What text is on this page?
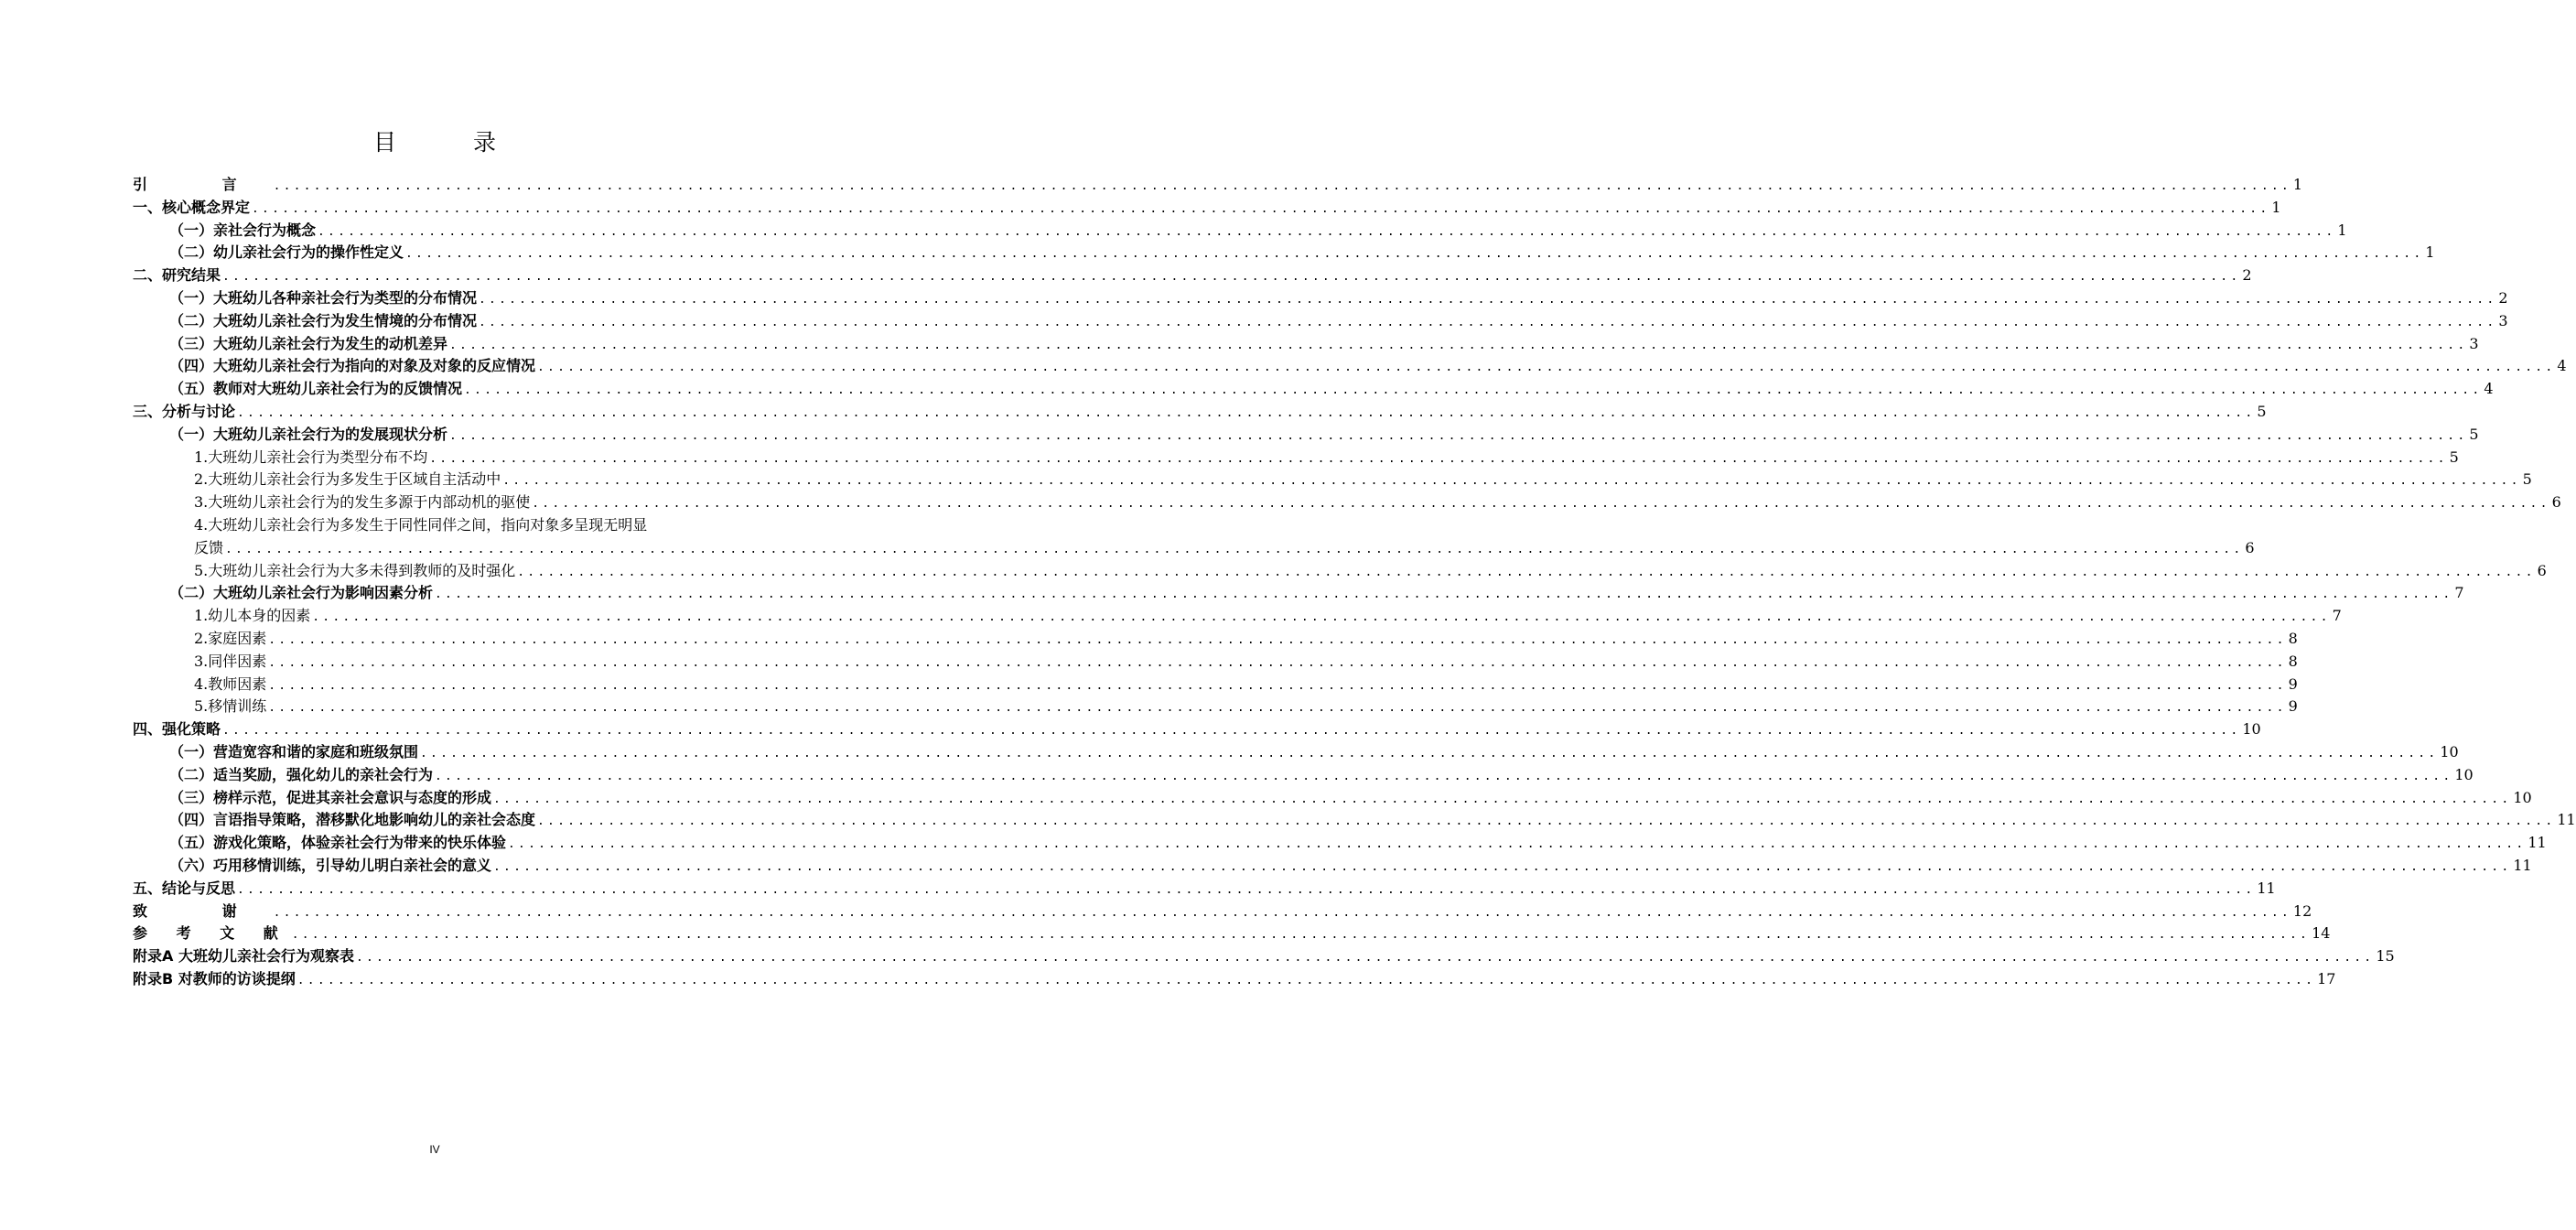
目 录
引 言 ........................................................................................................................................................................................................ 1
一、核心概念界定 ........................................................................................................................................................................................................ 1
（一）亲社会行为概念 ........................................................................................................................................................................................................ 1
（二）幼儿亲社会行为的操作性定义 ........................................................................................................................................................................................................ 1
二、研究结果 ........................................................................................................................................................................................................ 2
（一）大班幼儿各种亲社会行为类型的分布情况 ........................................................................................................................................................................................................ 2
（二）大班幼儿亲社会行为发生情境的分布情况 ........................................................................................................................................................................................................ 3
（三）大班幼儿亲社会行为发生的动机差异 ........................................................................................................................................................................................................ 3
（四）大班幼儿亲社会行为指向的对象及对象的反应情况 ........................................................................................................................................................................................................ 4
（五）教师对大班幼儿亲社会行为的反馈情况 ........................................................................................................................................................................................................ 4
三、分析与讨论 ........................................................................................................................................................................................................ 5
（一）大班幼儿亲社会行为的发展现状分析 ........................................................................................................................................................................................................ 5
1.大班幼儿亲社会行为类型分布不均 ........................................................................................................................................................................................................ 5
2.大班幼儿亲社会行为多发生于区域自主活动中 ........................................................................................................................................................................................................ 5
3.大班幼儿亲社会行为的发生多源于内部动机的驱使 ........................................................................................................................................................................................................ 6
4.大班幼儿亲社会行为多发生于同性同伴之间，指向对象多呈现无明显
反馈 ........................................................................................................................................................................................................ 6
5.大班幼儿亲社会行为大多未得到教师的及时强化 ........................................................................................................................................................................................................ 6
（二）大班幼儿亲社会行为影响因素分析 ........................................................................................................................................................................................................ 7
1.幼儿本身的因素 ........................................................................................................................................................................................................ 7
2.家庭因素 ........................................................................................................................................................................................................ 8
3.同伴因素 ........................................................................................................................................................................................................ 8
4.教师因素 ........................................................................................................................................................................................................ 9
5.移情训练 ........................................................................................................................................................................................................ 9
四、强化策略 ........................................................................................................................................................................................................ 10
（一）营造宽容和谐的家庭和班级氛围 ........................................................................................................................................................................................................ 10
（二）适当奖励，强化幼儿的亲社会行为 ........................................................................................................................................................................................................ 10
（三）榜样示范，促进其亲社会意识与态度的形成 ........................................................................................................................................................................................................ 10
（四）言语指导策略，潜移默化地影响幼儿的亲社会态度 ........................................................................................................................................................................................................ 11
（五）游戏化策略，体验亲社会行为带来的快乐体验 ........................................................................................................................................................................................................ 11
（六）巧用移情训练，引导幼儿明白亲社会的意义 ........................................................................................................................................................................................................ 11
五、结论与反思 ........................................................................................................................................................................................................ 11
致 谢 ........................................................................................................................................................................................................ 12
参 考 文 献 ........................................................................................................................................................................................................ 14
附录A 大班幼儿亲社会行为观察表 ........................................................................................................................................................................................................ 15
附录B 对教师的访谈提纲 ........................................................................................................................................................................................................ 17
IV
